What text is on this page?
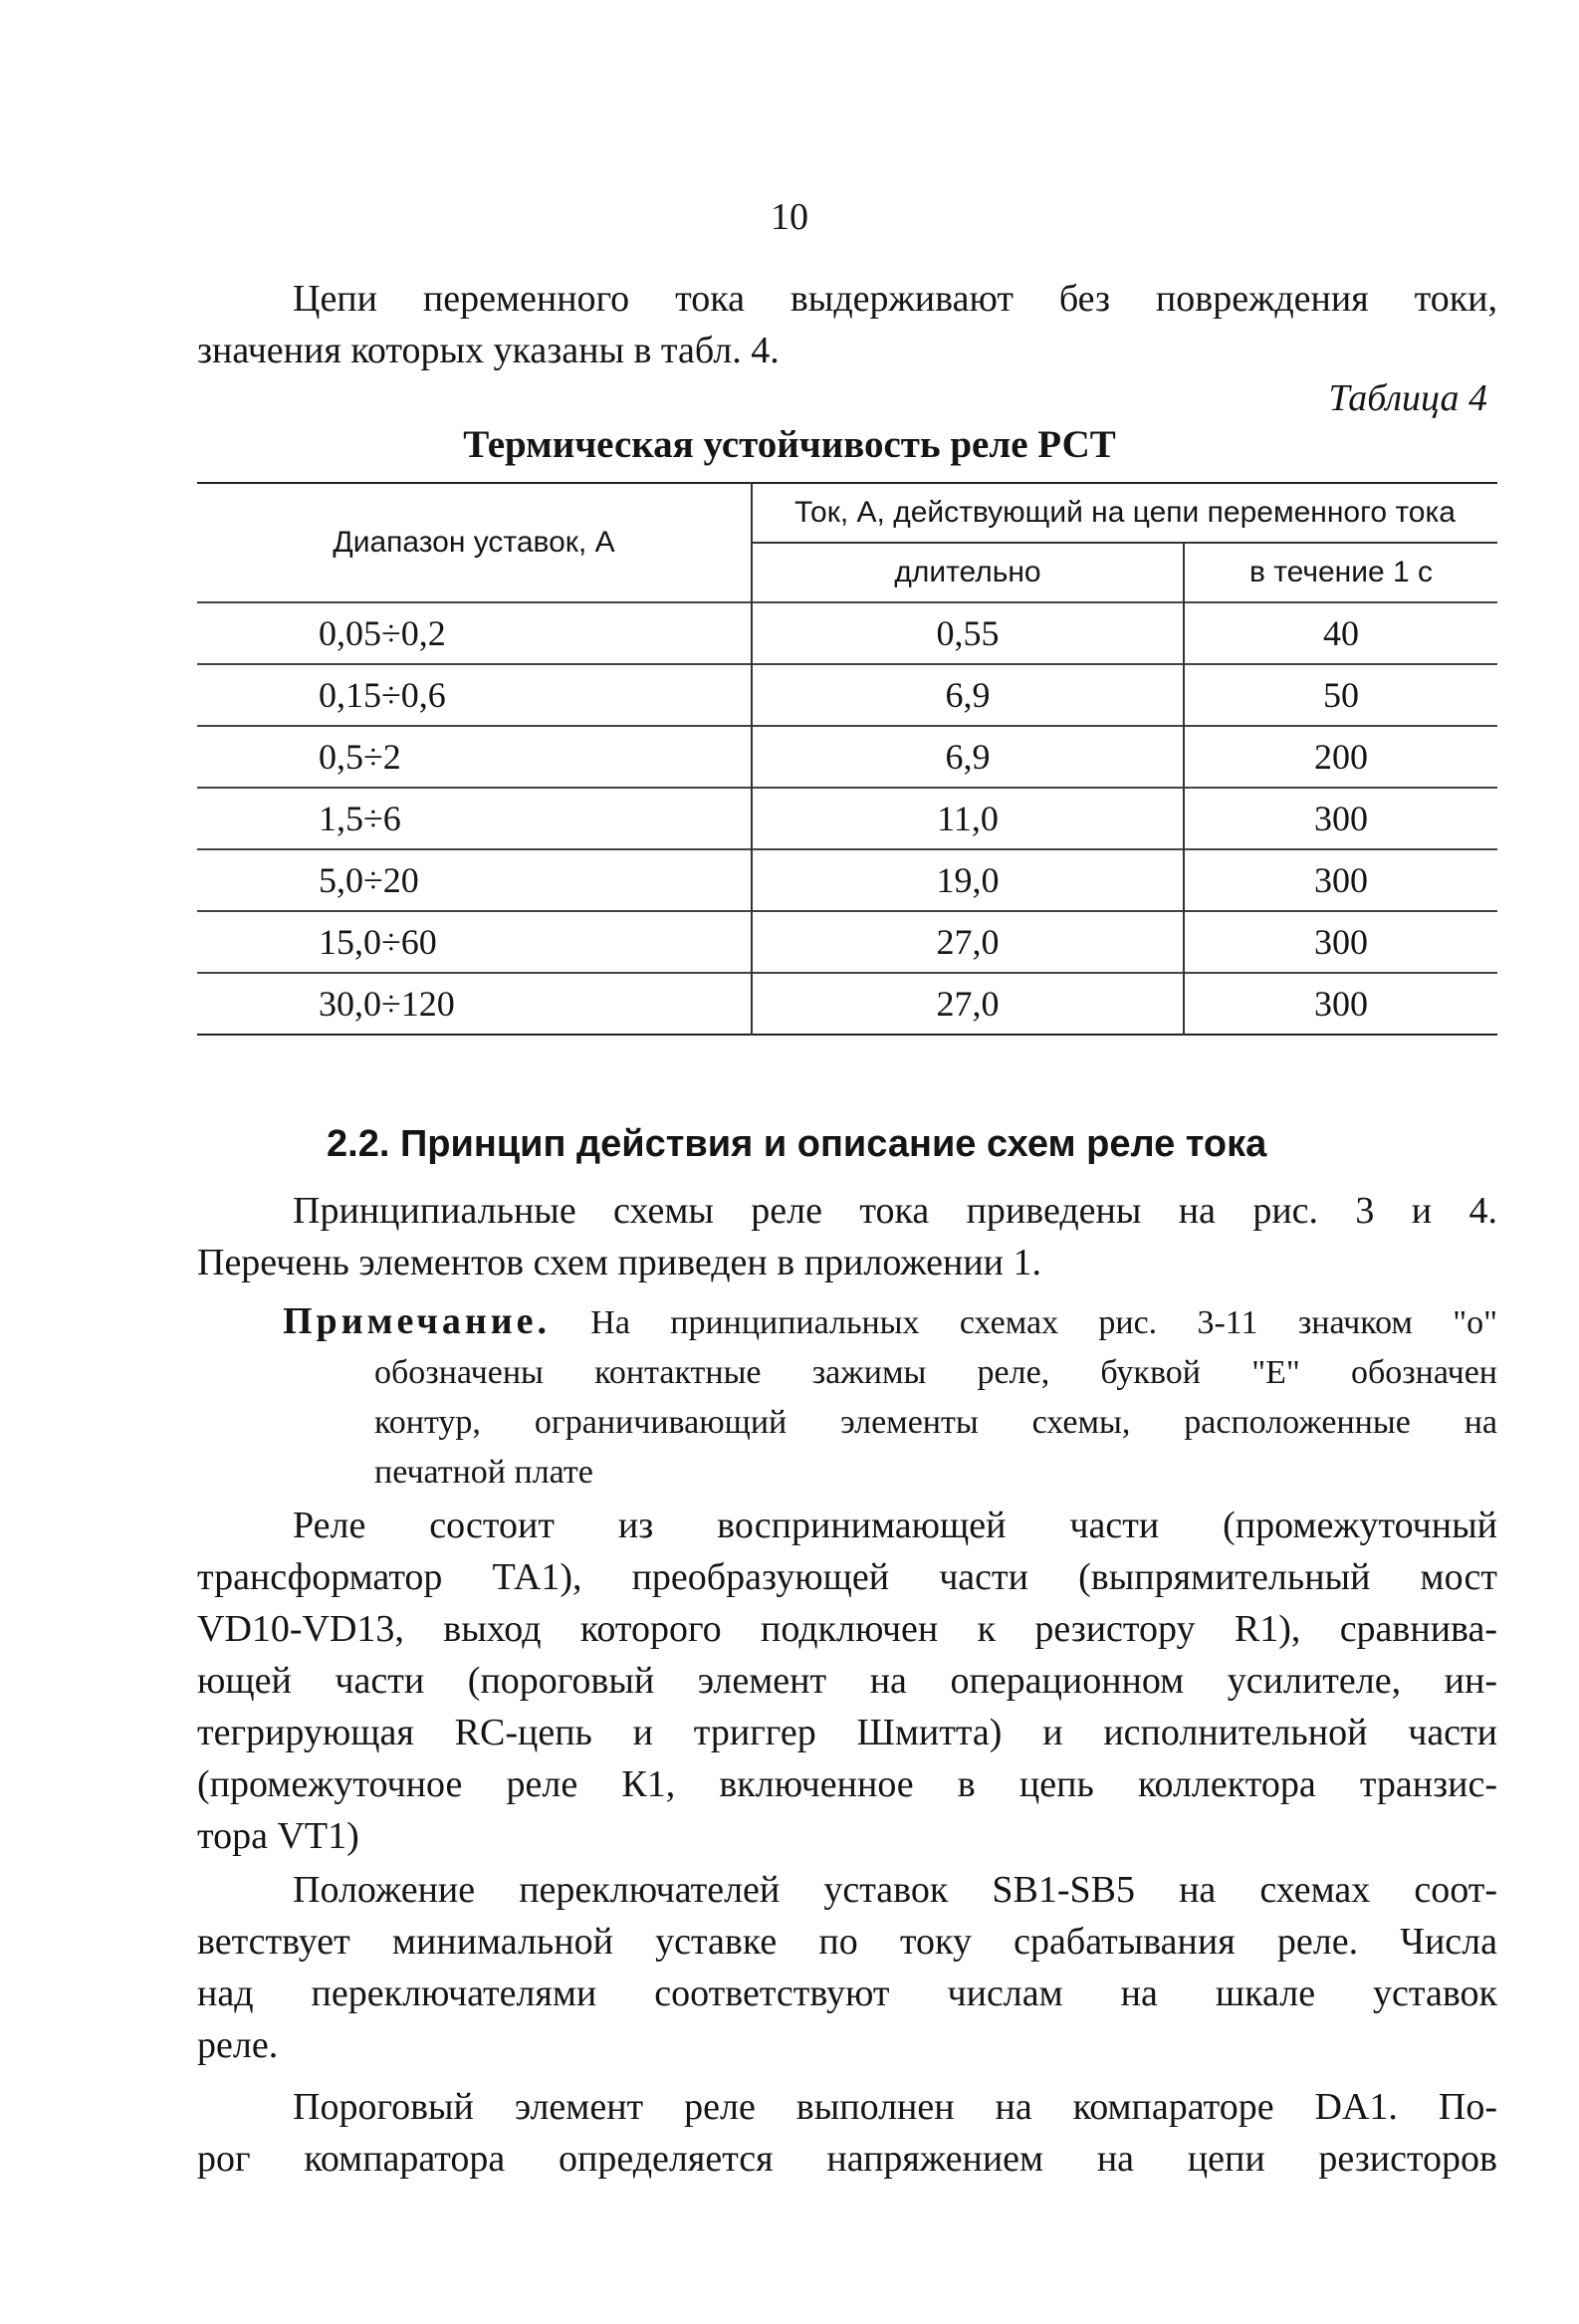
10

Цепи переменного тока выдерживают без повреждения токи,
значения которых указаны в табл. 4.

Таблица 4
Термическая устойчивость реле РСТ
Диапазон уставок, А	Ток, А, действующий на цепи переменного тока	
	длительно	в течение 1 с
0,05÷0,2	0,55	40
0,15÷0,6	6,9	50
0,5÷2	6,9	200
1,5÷6	11,0	300
5,0÷20	19,0	300
15,0÷60	27,0	300
30,0÷120	27,0	300
2.2. Принцип действия и описание схем реле тока

Принципиальные схемы реле тока приведены на рис. 3 и 4.
Перечень элементов схем приведен в приложении 1.

Примечание. На принципиальных схемах рис. 3-11 значком "о"
обозначены контактные зажимы реле, буквой "Е" обозначен
контур, ограничивающий элементы схемы, расположенные на
печатной плате

Реле состоит из воспринимающей части (промежуточный
трансформатор ТА1), преобразующей части (выпрямительный мост
VD10-VD13, выход которого подключен к резистору R1), сравнива-
ющей части (пороговый элемент на операционном усилителе, ин-
тегрирующая RC-цепь и триггер Шмитта) и исполнительной части
(промежуточное реле К1, включенное в цепь коллектора транзис-
тора VT1)

Положение переключателей уставок SB1-SB5 на схемах соот-
ветствует минимальной уставке по току срабатывания реле. Числа
над переключателями соответствуют числам на шкале уставок
реле.

Пороговый элемент реле выполнен на компараторе DA1. По-
рог компаратора определяется напряжением на цепи резисторов
